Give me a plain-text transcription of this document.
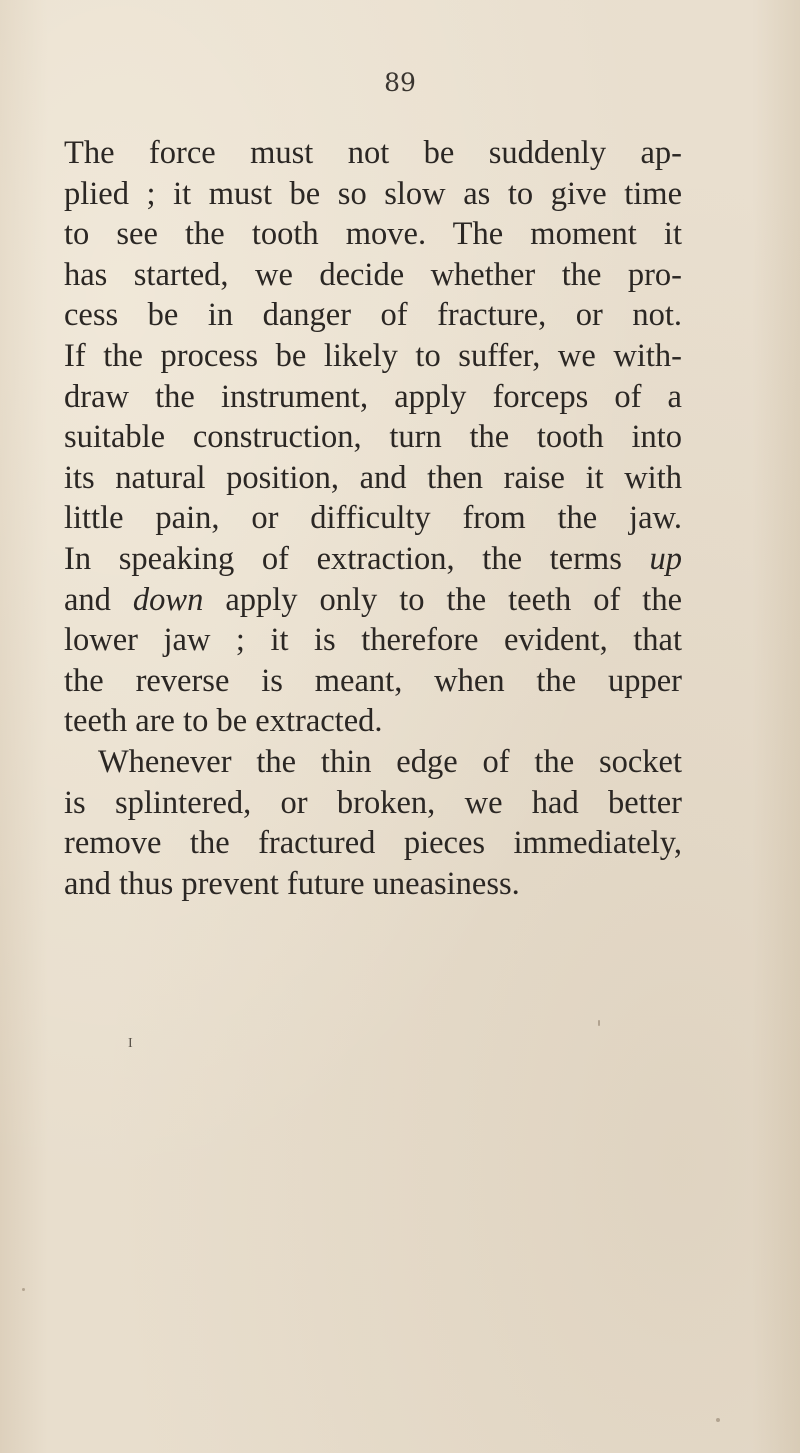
89
The force must not be suddenly ap-
plied ; it must be so slow as to give time
to see the tooth move. The moment it
has started, we decide whether the pro-
cess be in danger of fracture, or not.
If the process be likely to suffer, we with-
draw the instrument, apply forceps of a
suitable construction, turn the tooth into
its natural position, and then raise it with
little pain, or difficulty from the jaw.
In speaking of extraction, the terms up
and down apply only to the teeth of the
lower jaw ; it is therefore evident, that
the reverse is meant, when the upper
teeth are to be extracted.
Whenever the thin edge of the socket
is splintered, or broken, we had better
remove the fractured pieces immediately,
and thus prevent future uneasiness.
I
